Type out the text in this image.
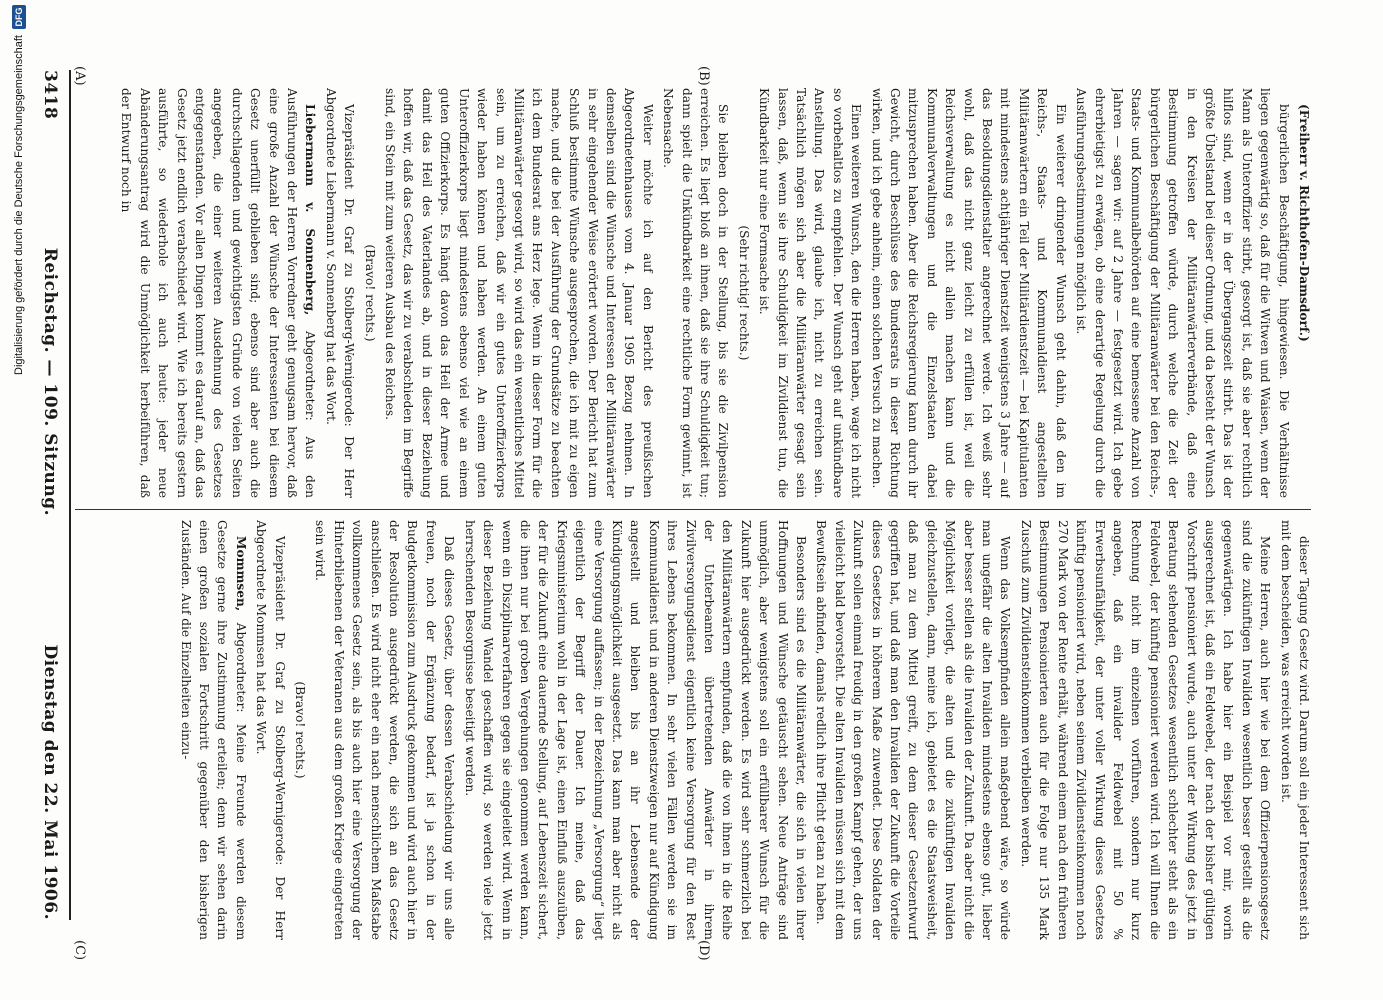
3418
Reichstag. — 109. Sitzung.
Dienstag den 22. Mai 1906.
(A)	(B)
(C)	(D)

(Freiherr v. Richthofen-Damsdorf.)

bürgerlichen Beschäftigung, hingewiesen. Die Verhältnisse liegen gegenwärtig so, daß für die Witwen und Waisen, wenn der Mann als Unteroffizier stirbt, gesorgt ist, daß sie aber rechtlich hilflos sind, wenn er in der Übergangszeit stirbt. Das ist der größte Übelstand bei dieser Ordnung, und da besteht der Wunsch in den Kreisen der Militäranwärterverbände, daß eine Bestimmung getroffen würde, durch welche die Zeit der bürgerlichen Beschäftigung der Militäranwärter bei den Reichs-, Staats- und Kommunalbehörden auf eine bemessene Anzahl von Jahren — sagen wir: auf 2 Jahre — festgesetzt wird. Ich gebe ehrerbietigst zu erwägen, ob eine derartige Regelung durch die Ausführungsbestimmungen möglich ist.

Ein weiterer dringender Wunsch geht dahin, daß den im Reichs-, Staats- und Kommunaldienst angestellten Militäranwärtern ein Teil der Militärdienstzeit — bei Kapitulanten mit mindestens achtjähriger Dienstzeit wenigstens 3 Jahre — auf das Besoldungsdienstalter angerechnet werde. Ich weiß sehr wohl, daß das nicht ganz leicht zu erfüllen ist, weil die Reichsverwaltung es nicht allein machen kann und die Kommunalverwaltungen und die Einzelstaaten dabei mitzusprechen haben. Aber die Reichsregierung kann durch ihr Gewicht, durch Beschlüsse des Bundesrats in dieser Richtung wirken, und ich gebe anheim, einen solchen Versuch zu machen.

Einen weiteren Wunsch, den die Herren haben, wage ich nicht so vorbehaltlos zu empfehlen. Der Wunsch geht auf unkündbare Anstellung. Das wird, glaube ich, nicht zu erreichen sein. Tatsächlich mögen sich aber die Militäranwärter gesagt sein lassen, daß, wenn sie ihre Schuldigkeit im Zivildienst tun, die Kündbarkeit nur eine Formsache ist.

(Sehr richtig! rechts.)

Sie bleiben doch in der Stellung, bis sie die Zivilpension erreichen. Es liegt bloß an ihnen, daß sie ihre Schuldigkeit tun; dann spielt die Unkündbarkeit eine rechtliche Form gewinnt, ist Nebensache.

Weiter möchte ich auf den Bericht des preußischen Abgeordnetenhauses vom 4. Januar 1905 Bezug nehmen. In demselben sind die Wünsche und Interessen der Militäranwärter in sehr eingehender Weise erörtert worden. Der Bericht hat zum Schluß bestimmte Wünsche ausgesprochen, die ich mit zu eigen mache, und die bei der Ausführung der Grundsätze zu beachten ich dem Bundesrat ans Herz lege. Wenn in dieser Form für die Militäranwärter gesorgt wird, so wird das ein wesentliches Mittel sein, um zu erreichen, daß wir ein gutes Unteroffizierkorps wieder haben können und haben werden. An einem guten Unteroffizierkorps liegt mindestens ebenso viel wie an einem guten Offizierkorps. Es hängt davon das Heil der Armee und damit das Heil des Vaterlandes ab, und in dieser Beziehung hoffen wir, daß das Gesetz, das wir zu verabschieden im Begriffe sind, ein Stein mit zum weiteren Ausbau des Reiches.

(Bravo! rechts.)

Vizepräsident Dr. Graf zu Stolberg-Wernigerode: Der Herr Abgeordnete Liebermann v. Sonnenberg hat das Wort.

Liebermann v. Sonnenberg, Abgeordneter: Aus den Ausführungen der Herren Vorredner geht genugsam hervor, daß eine große Anzahl der Wünsche der Interessenten bei diesem Gesetz unerfüllt geblieben sind; ebenso sind aber auch die durchschlagenden und gewichtigsten Gründe von vielen Seiten angegeben, die einer weiteren Ausdehnung des Gesetzes entgegenstanden. Vor allen Dingen kommt es darauf an, daß das Gesetz jetzt endlich verabschiedet wird. Wie ich bereits gestern ausführte, so wiederhole ich auch heute: jeder neue Abänderungsantrag wird die Unmöglichkeit herbeiführen, daß der Entwurf noch in

dieser Tagung Gesetz wird. Darum soll ein jeder Interessent sich mit dem bescheiden, was erreicht worden ist.

Meine Herren, auch hier wie bei dem Offizierpensionsgesetz sind die zukünftigen Invaliden wesentlich besser gestellt als die gegenwärtigen. Ich habe hier ein Beispiel vor mir, worin ausgerechnet ist, daß ein Feldwebel, der nach der bisher gültigen Vorschrift pensioniert wurde, auch unter der Wirkung des jetzt in Beratung stehenden Gesetzes wesentlich schlechter steht als ein Feldwebel, der künftig pensioniert werden wird. Ich will Ihnen die Rechnung nicht im einzelnen vorführen, sondern nur kurz angeben, daß ein invalider Feldwebel mit 50 % Erwerbsunfähigkeit, der unter voller Wirkung dieses Gesetzes künftig pensioniert wird, neben seinem Zivildiensteinkommen noch 270 Mark von der Rente erhält, während einem nach den früheren Bestimmungen Pensionierten auch für die Folge nur 135 Mark Zuschuß zum Zivildiensteinkommen verbleiben werden.

Wenn das Volksempfinden allein maßgebend wäre, so würde man ungefähr die alten Invaliden mindestens ebenso gut, lieber aber besser stellen als die Invaliden der Zukunft. Da aber nicht die Möglichkeit vorliegt, die alten und die zukünftigen Invaliden gleichzustellen, dann, meine ich, gebietet es die Staatsweisheit, daß man zu dem Mittel greift, zu dem dieser Gesetzentwurf gegriffen hat, und daß man den Invaliden der Zukunft die Vorteile dieses Gesetzes in höherem Maße zuwendet. Diese Soldaten der Zukunft sollen einmal freudig in den großen Kampf gehen, der uns vielleicht bald bevorsteht. Die alten Invaliden müssen sich mit dem Bewußtsein abfinden, damals redlich ihre Pflicht getan zu haben.

Besonders sind es die Militäranwärter, die sich in vielen ihrer Hoffnungen und Wünsche getäuscht sehen. Neue Anträge sind unmöglich, aber wenigstens soll ein erfüllbarer Wunsch für die Zukunft hier ausgedrückt werden. Es wird sehr schmerzlich bei den Militäranwärtern empfunden, daß die von ihnen in die Reihe der Unterbeamten übertretenden Anwärter in ihrem Zivilversorgungsdienst eigentlich keine Versorgung für den Rest ihres Lebens bekommen. In sehr vielen Fällen werden sie im Kommunaldienst und in anderen Dienstzweigen nur auf Kündigung angestellt und bleiben bis an ihr Lebensende der Kündigungsmöglichkeit ausgesetzt. Das kann man aber nicht als eine Versorgung auffassen; in der Bezeichnung „Versorgung“ liegt eigentlich der Begriff der Dauer. Ich meine, daß das Kriegsministerium wohl in der Lage ist, einen Einfluß auszuüben, der für die Zukunft eine dauernde Stellung, auf Lebenszeit sichert, die ihnen nur bei groben Vergehungen genommen werden kann, wenn ein Disziplinarverfahren gegen sie eingeleitet wird. Wenn in dieser Beziehung Wandel geschaffen wird, so werden viele jetzt herrschenden Besorgnisse beseitigt werden.

Daß dieses Gesetz, über dessen Verabschiedung wir uns alle freuen, noch der Ergänzung bedarf, ist ja schon in der Budgetkommission zum Ausdruck gekommen und wird auch hier in der Resolution ausgedrückt werden, die sich an das Gesetz anschließen. Es wird nicht eher ein nach menschlichem Maßstabe vollkommenes Gesetz sein, als bis auch hier eine Versorgung der Hinterbliebenen der Veteranen aus dem großen Kriege eingetreten sein wird.

(Bravo! rechts.)

Vizepräsident Dr. Graf zu Stolberg-Wernigerode: Der Herr Abgeordnete Mommsen hat das Wort.

Mommsen, Abgeordneter: Meine Freunde werden diesem Gesetze gerne ihre Zustimmung erteilen; denn wir sehen darin einen großen sozialen Fortschritt gegenüber den bisherigen Zuständen. Auf die Einzelheiten einzu-

Digitalisierung gefördert durch die Deutsche Forschungsgemeinschaft
DFG
